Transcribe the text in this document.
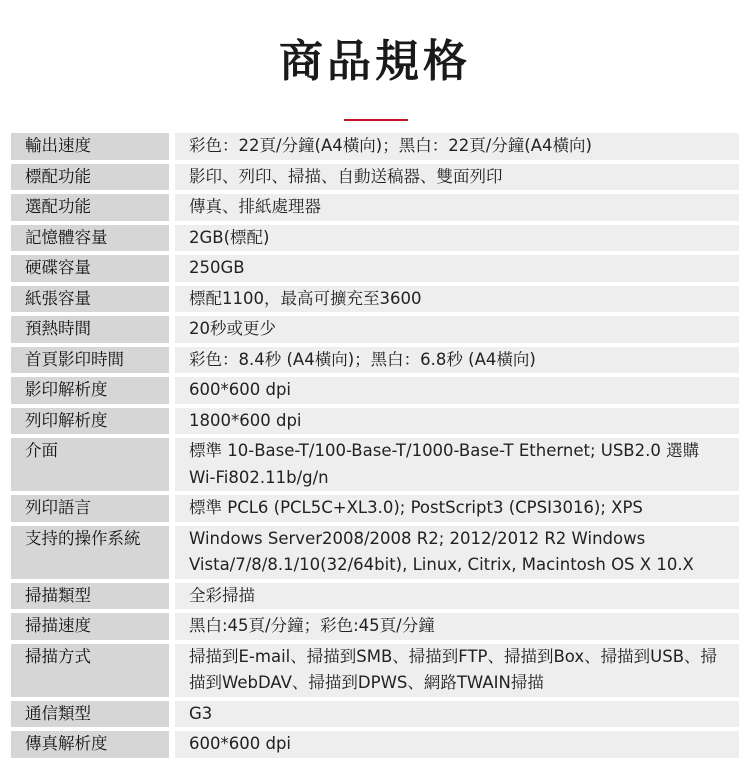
商品規格
輸出速度		彩色：22頁/分鐘(A4橫向)；黑白：22頁/分鐘(A4橫向)
標配功能		影印、列印、掃描、自動送稿器、雙面列印
選配功能		傳真、排紙處理器
記憶體容量		2GB(標配)
硬碟容量		250GB
紙張容量		標配1100，最高可擴充至3600
預熱時間		20秒或更少
首頁影印時間		彩色：8.4秒 (A4橫向)；黑白：6.8秒 (A4橫向)
影印解析度		600*600 dpi
列印解析度		1800*600 dpi
介面		標準 10-Base-T/100-Base-T/1000-Base-T Ethernet; USB2.0 選購 Wi-Fi802.11b/g/n
列印語言		標準 PCL6 (PCL5C+XL3.0); PostScript3 (CPSI3016); XPS
支持的操作系統		Windows Server2008/2008 R2; 2012/2012 R2 Windows Vista/7/8/8.1/10(32/64bit), Linux, Citrix, Macintosh OS X 10.X
掃描類型		全彩掃描
掃描速度		黑白:45頁/分鐘；彩色:45頁/分鐘
掃描方式		掃描到E-mail、掃描到SMB、掃描到FTP、掃描到Box、掃描到USB、掃描到WebDAV、掃描到DPWS、網路TWAIN掃描
通信類型		G3
傳真解析度		600*600 dpi
